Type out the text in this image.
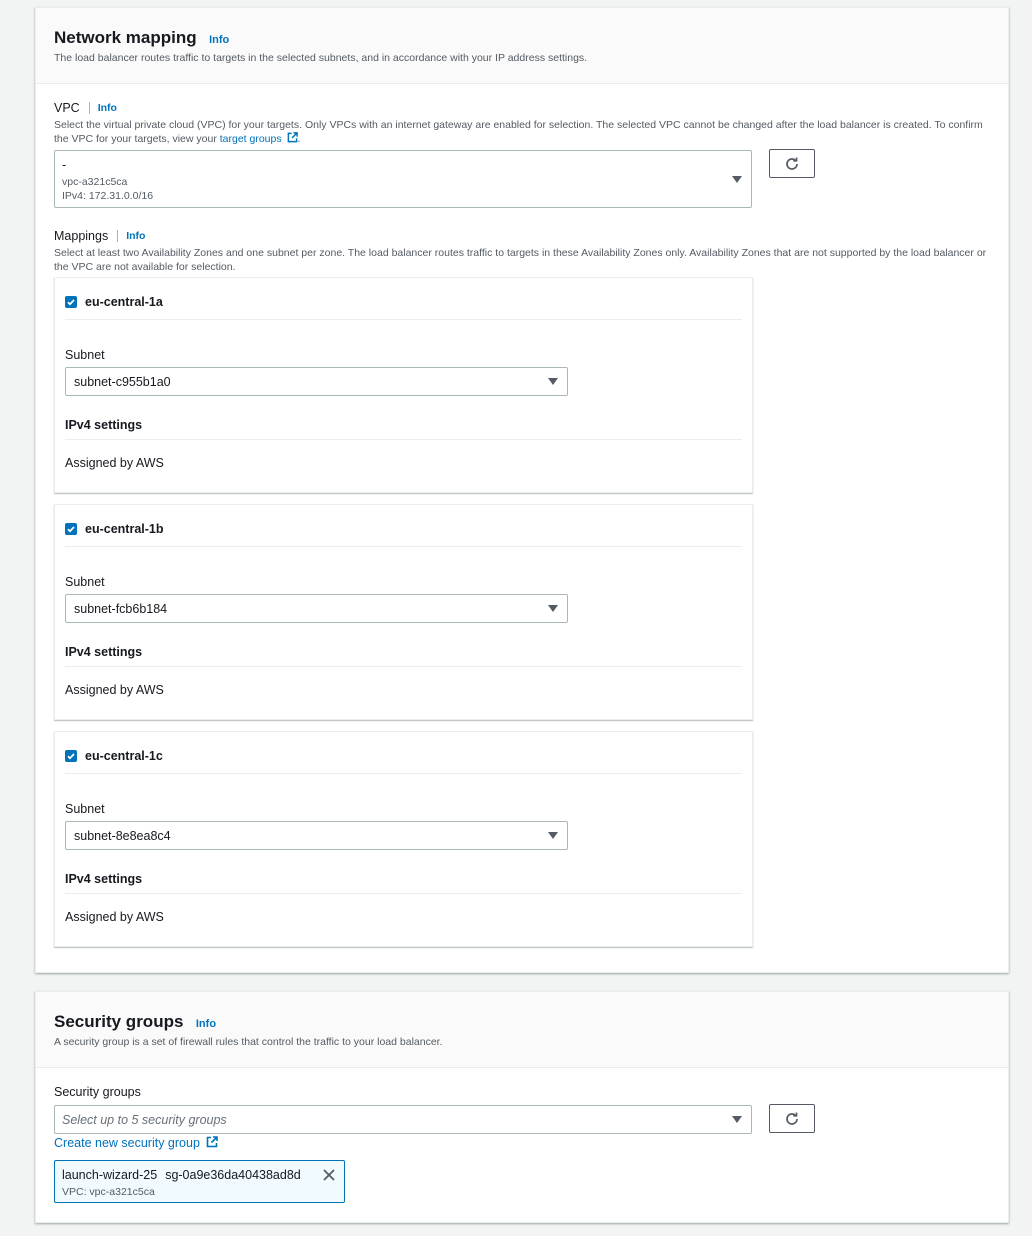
Network mapping Info
The load balancer routes traffic to targets in the selected subnets, and in accordance with your IP address settings.
VPC Info
Select the virtual private cloud (VPC) for your targets. Only VPCs with an internet gateway are enabled for selection. The selected VPC cannot be changed after the load balancer is created. To confirm the VPC for your targets, view your target groups .
-
vpc-a321c5ca
IPv4: 172.31.0.0/16
Mappings Info
Select at least two Availability Zones and one subnet per zone. The load balancer routes traffic to targets in these Availability Zones only. Availability Zones that are not supported by the load balancer or the VPC are not available for selection.
eu-central-1a
Subnet
subnet-c955b1a0
IPv4 settings
Assigned by AWS
eu-central-1b
Subnet
subnet-fcb6b184
IPv4 settings
Assigned by AWS
eu-central-1c
Subnet
subnet-8e8ea8c4
IPv4 settings
Assigned by AWS
Security groups Info
A security group is a set of firewall rules that control the traffic to your load balancer.
Security groups
Select up to 5 security groups
Create new security group
launch-wizard-25 sg-0a9e36da40438ad8d
VPC: vpc-a321c5ca
